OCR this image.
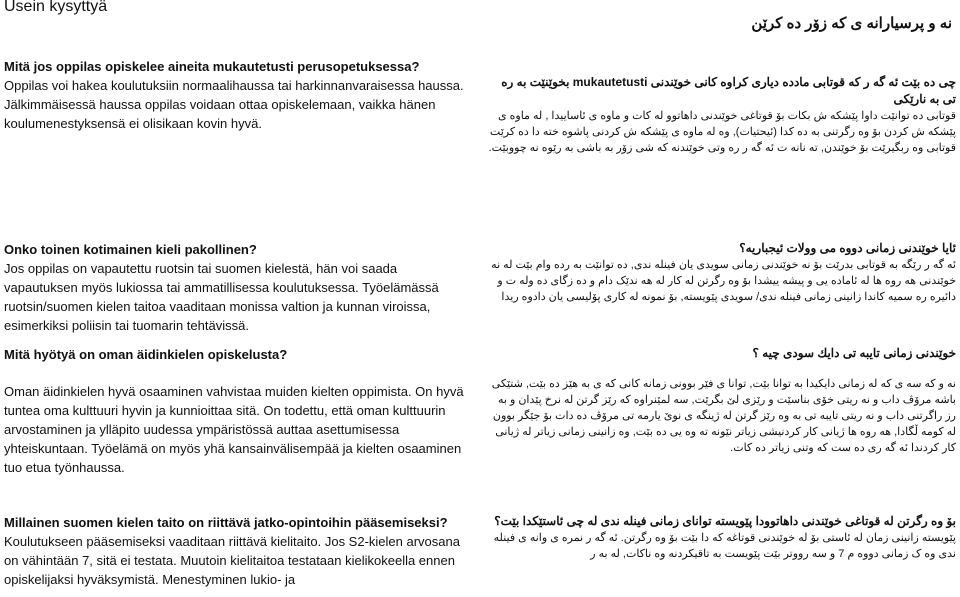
Usein kysyttyä
نه و پرسیارانه ی که زۆر ده کرێن
Mitä jos oppilas opiskelee aineita mukautetusti perusopetuksessa?
Oppilas voi hakea koulutuksiin normaalihaussa tai harkinnanvaraisessa haussa. Jälkimmäisessä haussa oppilas voidaan ottaa opiskelemaan, vaikka hänen koulumenestyksensä ei olisikaan kovin hyvä.
Onko toinen kotimainen kieli pakollinen?
Jos oppilas on vapautettu ruotsin tai suomen kielestä, hän voi saada vapautuksen myös lukiossa tai ammatillisessa koulutuksessa. Työelämässä ruotsin/suomen kielen taitoa vaaditaan monissa valtion ja kunnan viroissa, esimerkiksi poliisin tai tuomarin tehtävissä.
Mitä hyötyä on oman äidinkielen opiskelusta?
Oman äidinkielen hyvä osaaminen vahvistaa muiden kielten oppimista. On hyvä tuntea oma kulttuuri hyvin ja kunnioittaa sitä. On todettu, että oman kulttuurin arvostaminen ja ylläpito uudessa ympäristössä auttaa asettumisessa yhteiskuntaan. Työelämä on myös yhä kansainvälisempää ja kielten osaaminen tuo etua työnhaussa.
Millainen suomen kielen taito on riittävä jatko-opintoihin pääsemiseksi?
Koulutukseen pääsemiseksi vaaditaan riittävä kielitaito. Jos S2-kielen arvosana on vähintään 7, sitä ei testata. Muutoin kielitaitoa testataan kielikokeella ennen opiskelijaksi hyväksymistä. Menestyminen lukio- ja
چی ده بێت ئه گه ر که قوتابی مادده دیاری کراوه کانی خوێندنی mukautetusti بخوێنێت به ره تی به نارێکی
قوتابی ده توانێت داوا پێشکه ش بکات بۆ قوتاغی خوێندنی داهاتوو له کات و ماوه ی ئاساییدا , له ماوه ی پێشکه ش کردن بۆ وه رگرتنی به ده کدا (ئیحتیات), وه له ماوه ی پێشکه ش کردنی پاشوه خته دا ده کرێت قوتابی وه ربگیرێت بۆ خوێندن, ته نانه ت ئه گه ر ره وتی خوێندنه که شی زۆر به باشی به رێوه نه چووبێت.
ئایا خوێندنی زمانی دووه می وولات ئیجباریه؟
ئه گه ر رێگه به قوتابی بدرێت بۆ نه خوێندنی زمانی سویدی یان فینله ندی, ده توانێت به رده وام بێت له نه خوێندنی هه روه ها له ئاماده یی و پیشه ییشدا بۆ وه رگرتن له کار له هه ندێک دام و ده زگای ده وله ت و دائیره ره سمیه کاندا زانینی زمانی فینله ندی/ سویدی پێویسته, بۆ نمونه له کاری پۆلیسی یان دادوه ریدا
خوێندنی زمانی تایبه تی دایك سودی چیه ؟
نه و که سه ی که له زمانی دایکیدا به توانا بێت, توانا ی فێر بوونی زمانه کانی که ی به هێز ده بێت, شتێکی باشه مرۆڤ داب و نه ریتی خۆی بناسێت و رێزی لێ بگرێت, سه لمێنراوه که رێز گرتن له نرخ پێدان و به رز راگرتنی داب و نه ریتی تایبه تی به وه رێز گرتن له ژینگه ی نوێ یارمه تی مرۆڤ ده دات بۆ جێگر بوون له کومه ڵگادا, هه روه ها ژیانی کار کردنیشی زیاتر نێونه ته وه یی ده بێت, وه زانینی زمانی زیاتر له ژیانی کار کردندا ئه گه ری ده ست که وتنی زیاتر ده کات.
بۆ وه رگرتن له قوتاغی خوێندنی داهاتوودا پێویسته توانای زمانی فینله ندی له چی ئاستێکدا بێت؟
پێویسته زانینی زمان له ئاستی بۆ له خوێندنی قوتاغه که دا بێت بۆ وه رگرتن. ئه گه ر نمره ی وانه ی فینله ندی وه ک زمانی دووه م 7 و سه رووتر بێت پێویست به تاقیکردنه وه ناکات, له به ر
